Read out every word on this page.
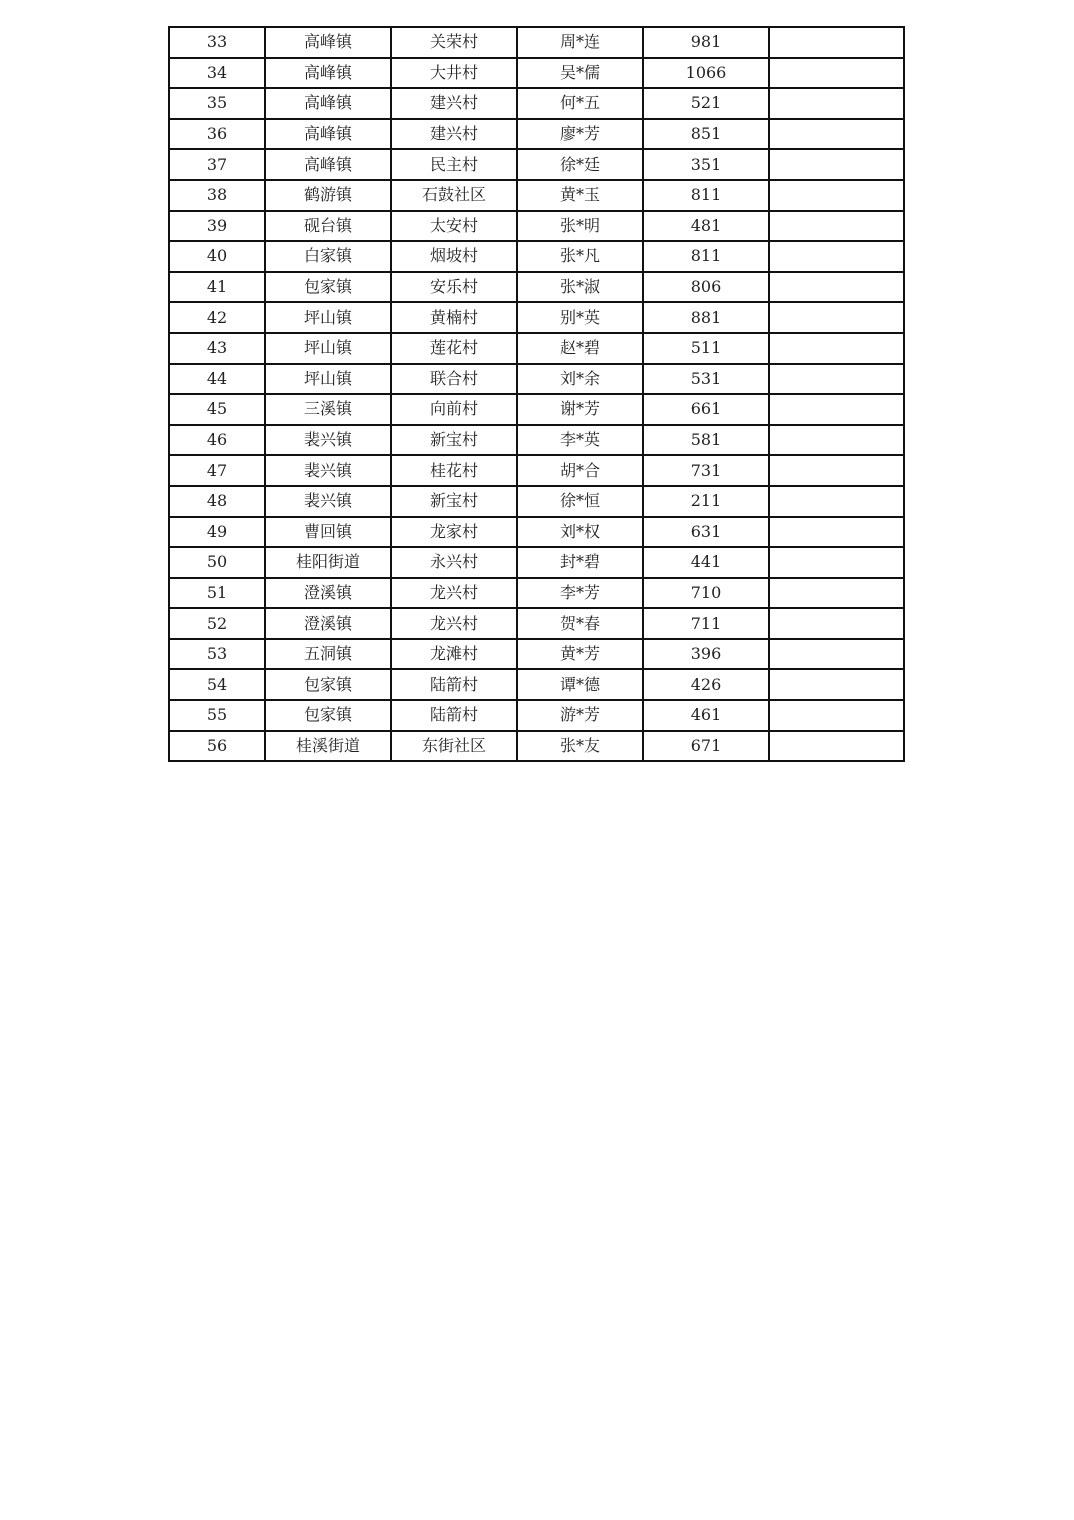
33	高峰镇	关荣村	周*连	981	
34	高峰镇	大井村	吴*儒	1066	
35	高峰镇	建兴村	何*五	521	
36	高峰镇	建兴村	廖*芳	851	
37	高峰镇	民主村	徐*廷	351	
38	鹤游镇	石鼓社区	黄*玉	811	
39	砚台镇	太安村	张*明	481	
40	白家镇	烟坡村	张*凡	811	
41	包家镇	安乐村	张*淑	806	
42	坪山镇	黄楠村	别*英	881	
43	坪山镇	莲花村	赵*碧	511	
44	坪山镇	联合村	刘*余	531	
45	三溪镇	向前村	谢*芳	661	
46	裴兴镇	新宝村	李*英	581	
47	裴兴镇	桂花村	胡*合	731	
48	裴兴镇	新宝村	徐*恒	211	
49	曹回镇	龙家村	刘*权	631	
50	桂阳街道	永兴村	封*碧	441	
51	澄溪镇	龙兴村	李*芳	710	
52	澄溪镇	龙兴村	贺*春	711	
53	五洞镇	龙滩村	黄*芳	396	
54	包家镇	陆箭村	谭*德	426	
55	包家镇	陆箭村	游*芳	461	
56	桂溪街道	东街社区	张*友	671	
